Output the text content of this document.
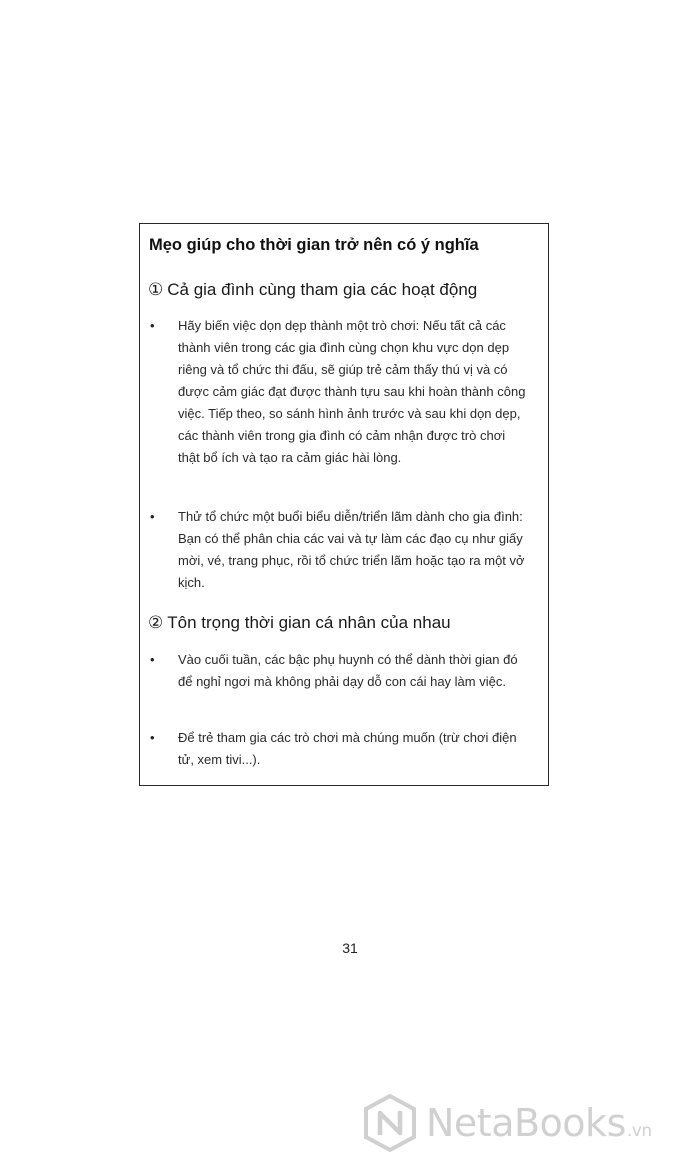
Mẹo giúp cho thời gian trở nên có ý nghĩa
① Cả gia đình cùng tham gia các hoạt động
• Hãy biến việc dọn dẹp thành một trò chơi: Nếu tất cả các thành viên trong các gia đình cùng chọn khu vực dọn dẹp riêng và tổ chức thi đấu, sẽ giúp trẻ cảm thấy thú vị và có được cảm giác đạt được thành tựu sau khi hoàn thành công việc. Tiếp theo, so sánh hình ảnh trước và sau khi dọn dẹp, các thành viên trong gia đình có cảm nhận được trò chơi thật bổ ích và tạo ra cảm giác hài lòng.
• Thử tổ chức một buổi biểu diễn/triển lãm dành cho gia đình: Bạn có thể phân chia các vai và tự làm các đạo cụ như giấy mời, vé, trang phục, rồi tổ chức triển lãm hoặc tạo ra một vở kịch.
② Tôn trọng thời gian cá nhân của nhau
• Vào cuối tuần, các bậc phụ huynh có thể dành thời gian đó để nghỉ ngơi mà không phải dạy dỗ con cái hay làm việc.
• Để trẻ tham gia các trò chơi mà chúng muốn (trừ chơi điện tử, xem tivi...).
31
NetaBooks.vn
